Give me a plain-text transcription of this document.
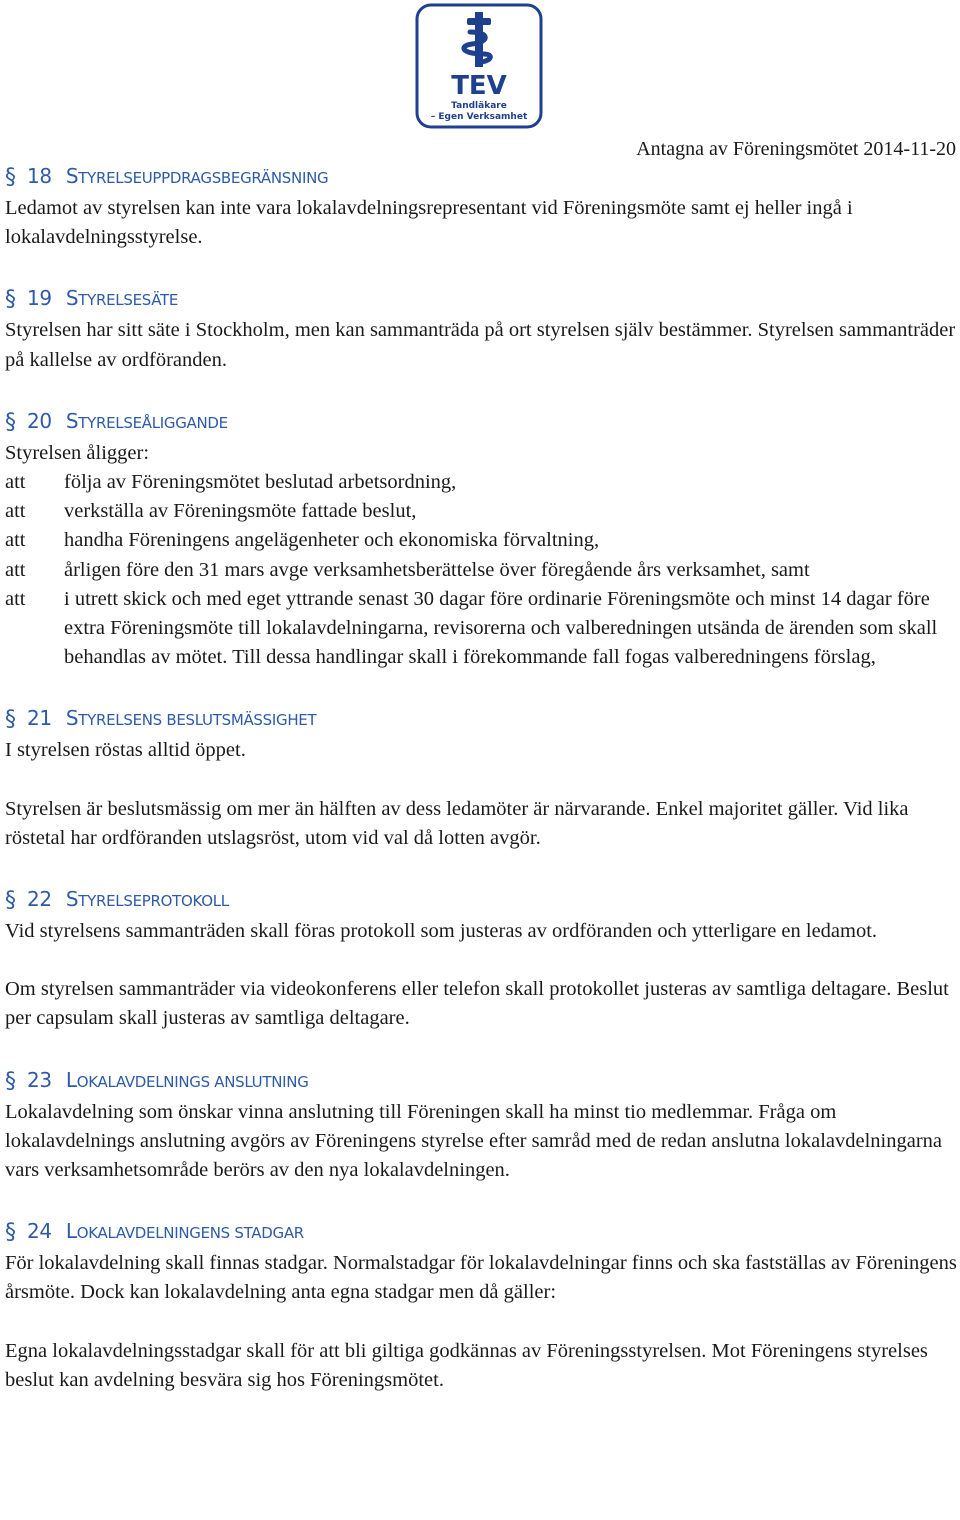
TEV
Tandläkare
– Egen Verksamhet
Antagna av Föreningsmötet 2014-11-20
§ 18 STYRELSEUPPDRAGSBEGRÄNSNING

Ledamot av styrelsen kan inte vara lokalavdelningsrepresentant vid Föreningsmöte samt ej heller ingå i lokalavdelningsstyrelse.

§ 19 STYRELSESÄTE

Styrelsen har sitt säte i Stockholm, men kan sammanträda på ort styrelsen själv bestämmer. Styrelsen sammanträder på kallelse av ordföranden.

§ 20 STYRELSEÅLIGGANDE

Styrelsen åligger:

att	följa av Föreningsmötet beslutad arbetsordning,
att	verkställa av Föreningsmöte fattade beslut,
att	handha Föreningens angelägenheter och ekonomiska förvaltning,
att	årligen före den 31 mars avge verksamhetsberättelse över föregående års verksamhet, samt
att	i utrett skick och med eget yttrande senast 30 dagar före ordinarie Föreningsmöte och minst 14 dagar före extra Föreningsmöte till lokalavdelningarna, revisorerna och valberedningen utsända de ärenden som skall behandlas av mötet. Till dessa handlingar skall i förekommande fall fogas valberedningens förslag,
§ 21 STYRELSENS BESLUTSMÄSSIGHET

I styrelsen röstas alltid öppet.

Styrelsen är beslutsmässig om mer än hälften av dess ledamöter är närvarande. Enkel majoritet gäller. Vid lika röstetal har ordföranden utslagsröst, utom vid val då lotten avgör.

§ 22 STYRELSEPROTOKOLL

Vid styrelsens sammanträden skall föras protokoll som justeras av ordföranden och ytterligare en ledamot.

Om styrelsen sammanträder via videokonferens eller telefon skall protokollet justeras av samtliga deltagare. Beslut per capsulam skall justeras av samtliga deltagare.

§ 23 LOKALAVDELNINGS ANSLUTNING

Lokalavdelning som önskar vinna anslutning till Föreningen skall ha minst tio medlemmar. Fråga om lokalavdelnings anslutning avgörs av Föreningens styrelse efter samråd med de redan anslutna lokalavdelningarna vars verksamhetsområde berörs av den nya lokalavdelningen.

§ 24 LOKALAVDELNINGENS STADGAR

För lokalavdelning skall finnas stadgar. Normalstadgar för lokalavdelningar finns och ska fastställas av Föreningens årsmöte. Dock kan lokalavdelning anta egna stadgar men då gäller:

Egna lokalavdelningsstadgar skall för att bli giltiga godkännas av Föreningsstyrelsen. Mot Föreningens styrelses beslut kan avdelning besvära sig hos Föreningsmötet.
